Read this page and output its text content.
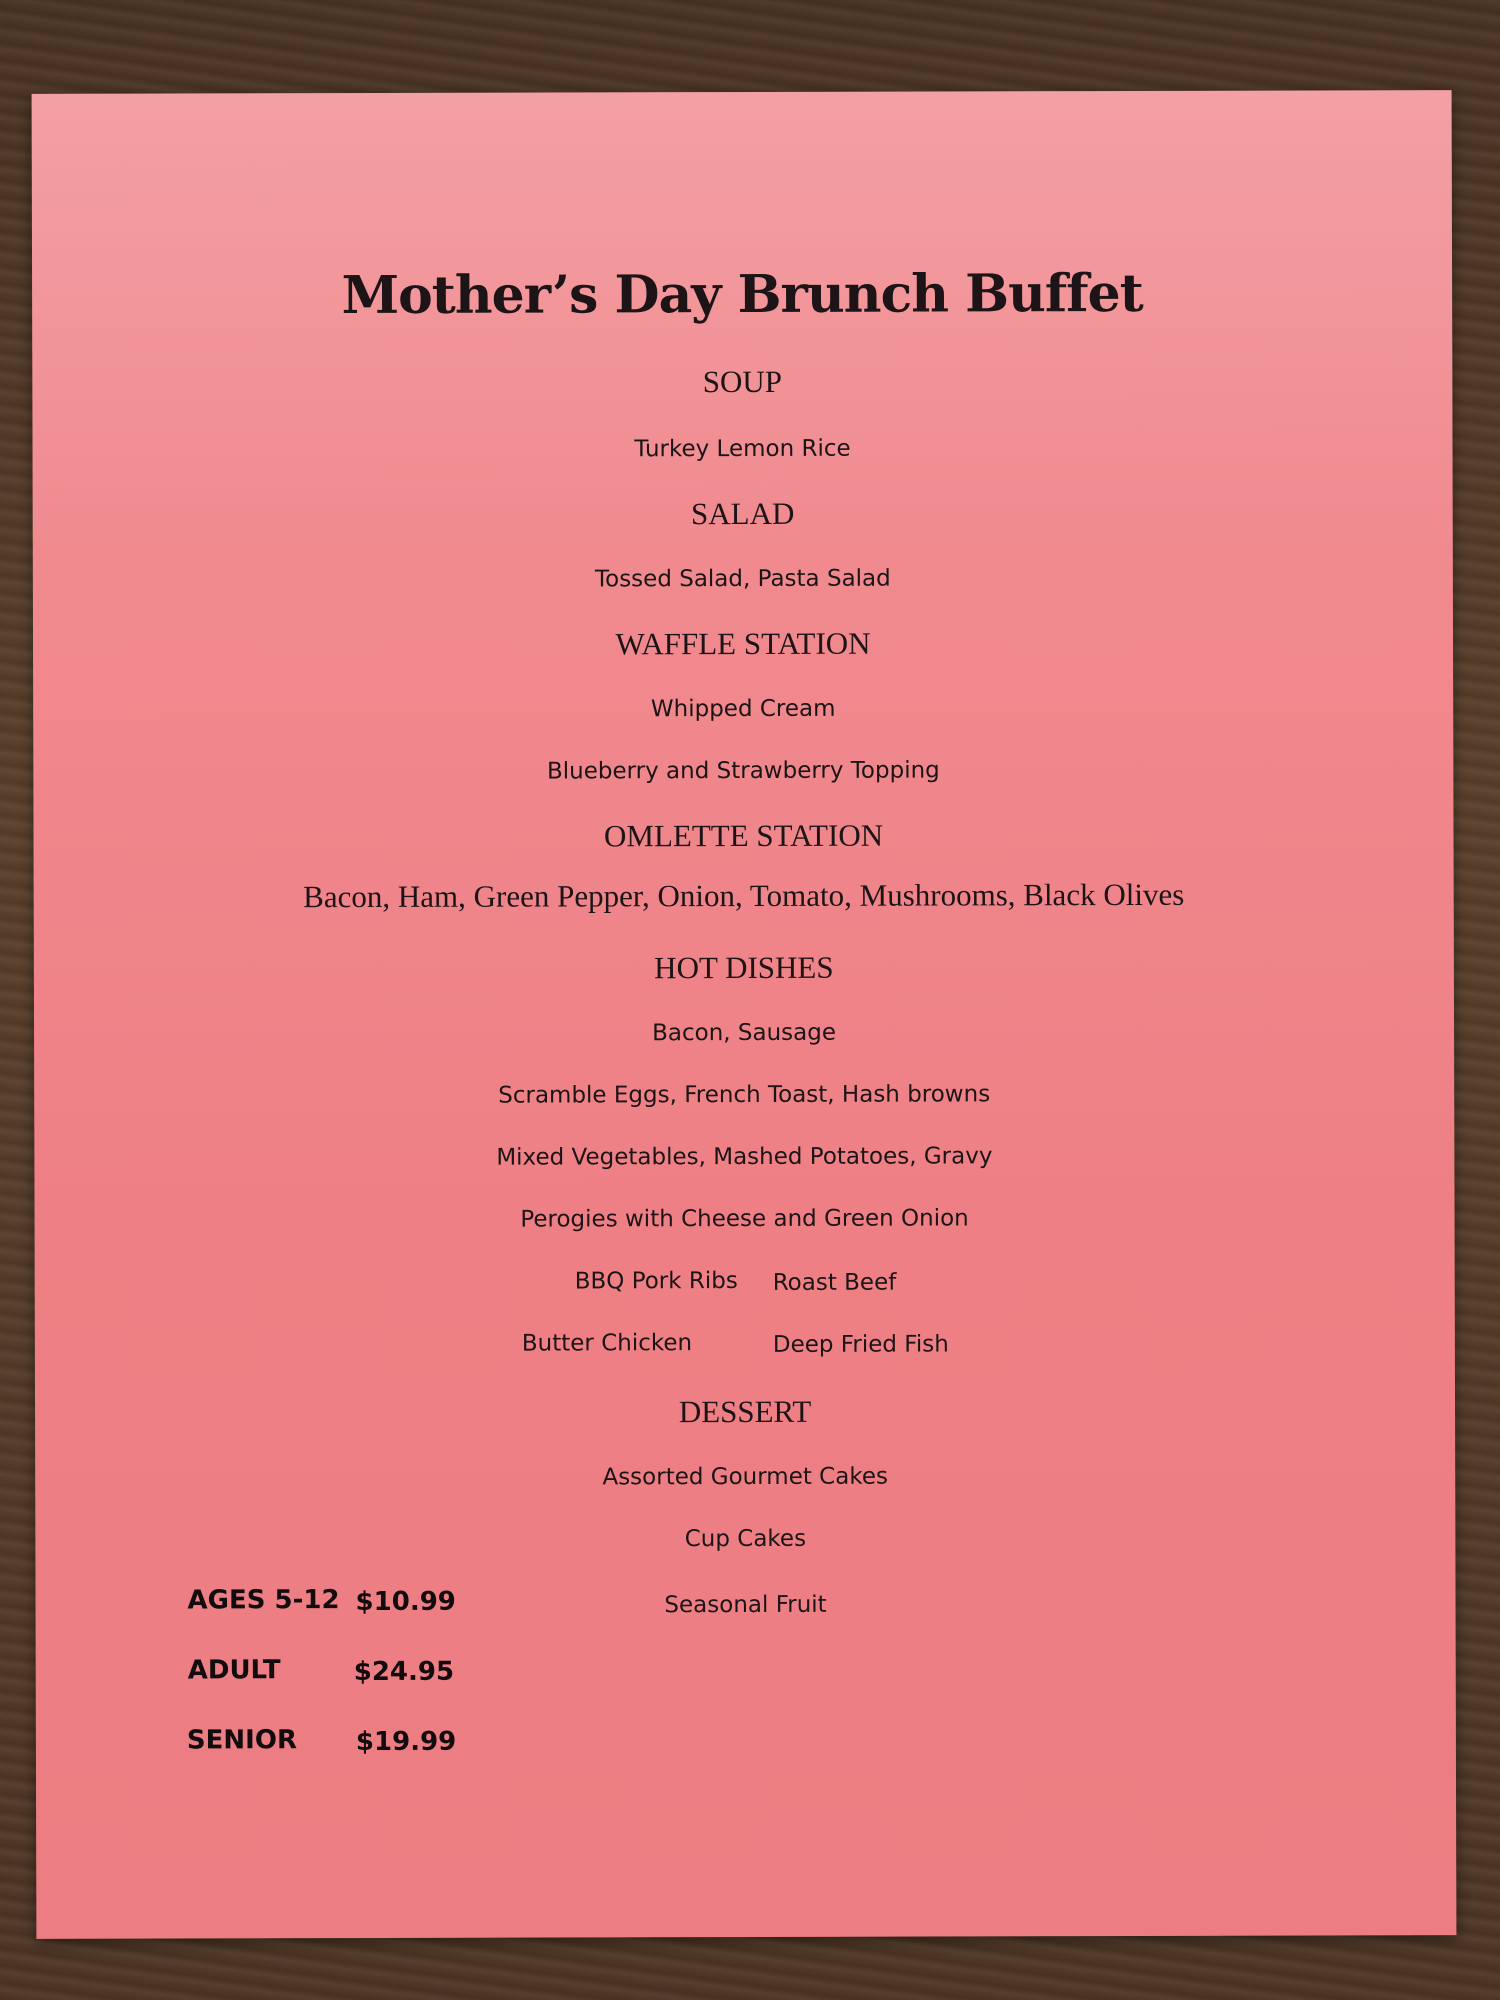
Mother’s Day Brunch Buffet
SOUP
Turkey Lemon Rice
SALAD
Tossed Salad, Pasta Salad
WAFFLE STATION
Whipped Cream
Blueberry and Strawberry Topping
OMLETTE STATION
Bacon, Ham, Green Pepper, Onion, Tomato, Mushrooms, Black Olives
HOT DISHES
Bacon, Sausage
Scramble Eggs, French Toast, Hash browns
Mixed Vegetables, Mashed Potatoes, Gravy
Perogies with Cheese and Green Onion
BBQ Pork Ribs Roast Beef
Butter Chicken	Deep Fried Fish
DESSERT
Assorted Gourmet Cakes
Cup Cakes
Seasonal Fruit
AGES 5-12 $10.99
ADULT	$24.95
SENIOR $19.99
